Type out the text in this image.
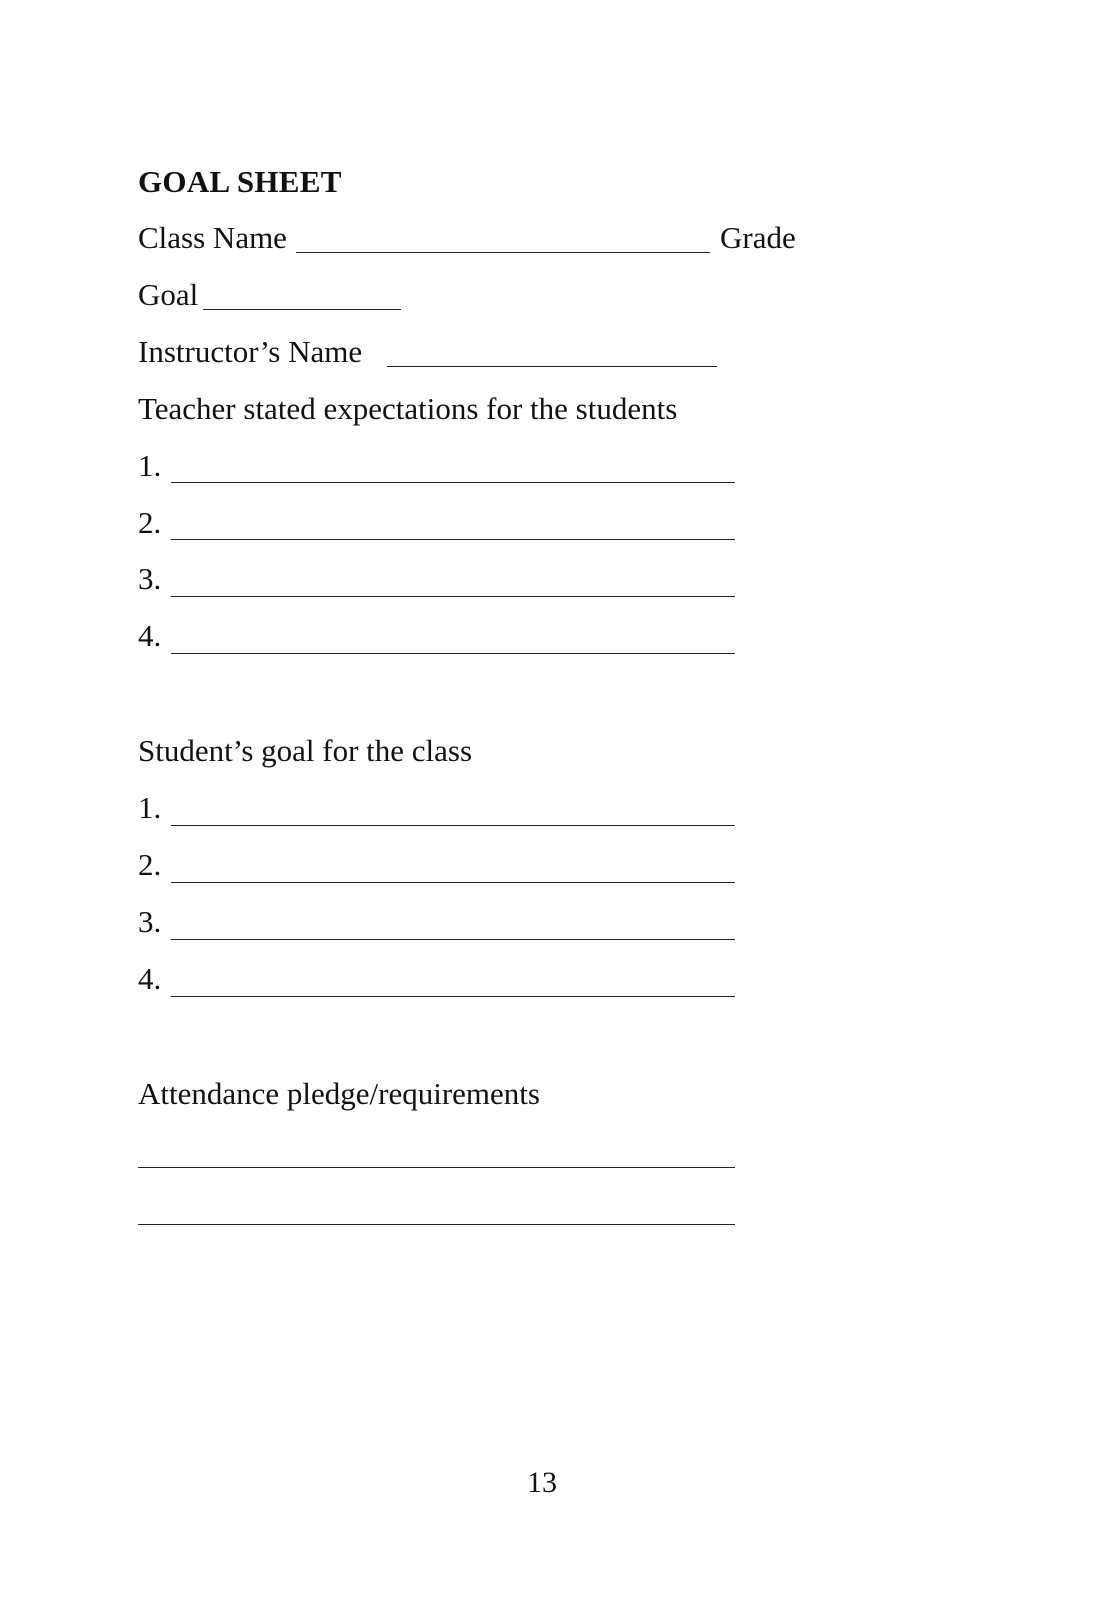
GOAL SHEET
Class Name	Grade
Goal
Instructor’s Name
Teacher stated expectations for the students
1.
2.
3.
4.
Student’s goal for the class
1.
2.
3.
4.
Attendance pledge/requirements
13
